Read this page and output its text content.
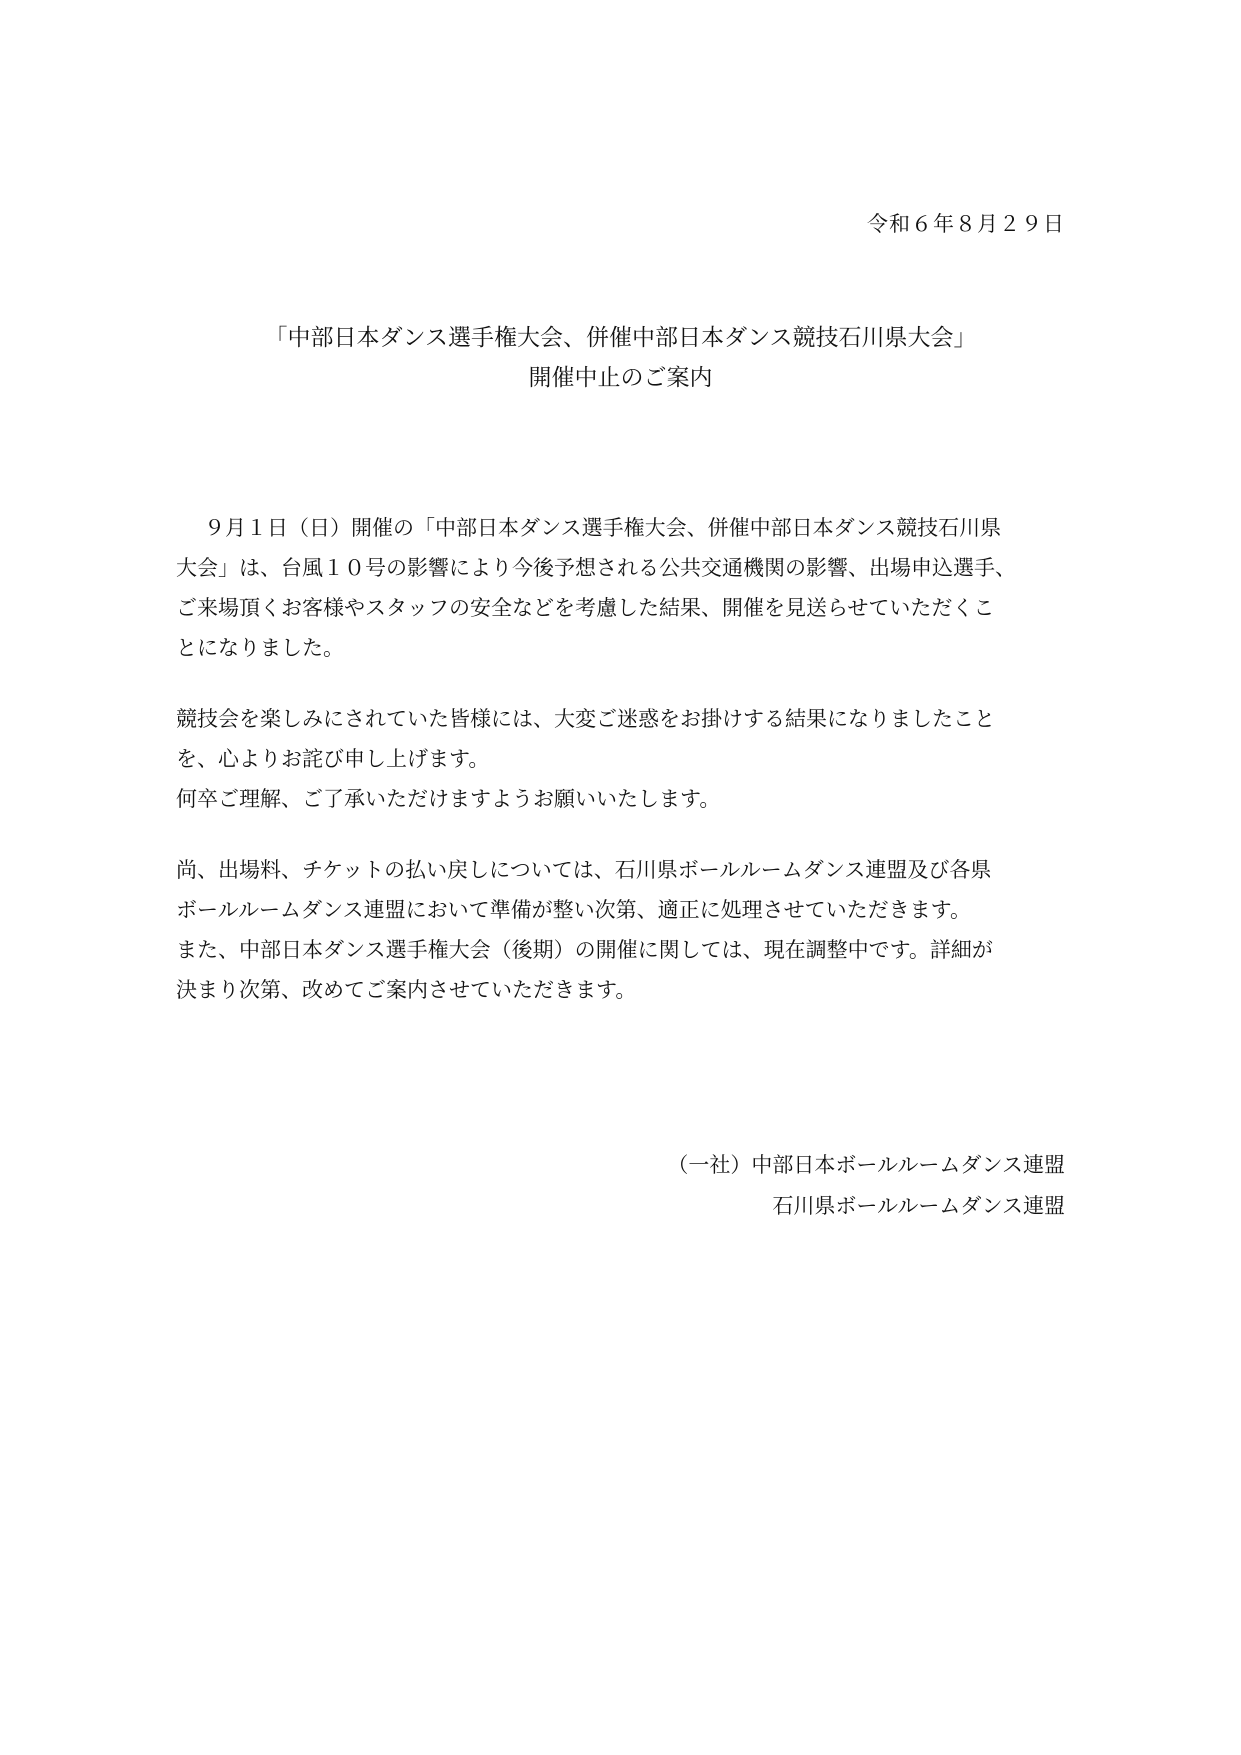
令和６年８月２９日
「中部日本ダンス選手権大会、併催中部日本ダンス競技石川県大会」
開催中止のご案内
９月１日（日）開催の「中部日本ダンス選手権大会、併催中部日本ダンス競技石川県
大会」は、台風１０号の影響により今後予想される公共交通機関の影響、出場申込選手、
ご来場頂くお客様やスタッフの安全などを考慮した結果、開催を見送らせていただくこ
とになりました。
競技会を楽しみにされていた皆様には、大変ご迷惑をお掛けする結果になりましたこと
を、心よりお詫び申し上げます。
何卒ご理解、ご了承いただけますようお願いいたします。
尚、出場料、チケットの払い戻しについては、石川県ボールルームダンス連盟及び各県
ボールルームダンス連盟において準備が整い次第、適正に処理させていただきます。
また、中部日本ダンス選手権大会（後期）の開催に関しては、現在調整中です。詳細が
決まり次第、改めてご案内させていただきます。
（一社）中部日本ボールルームダンス連盟
石川県ボールルームダンス連盟
